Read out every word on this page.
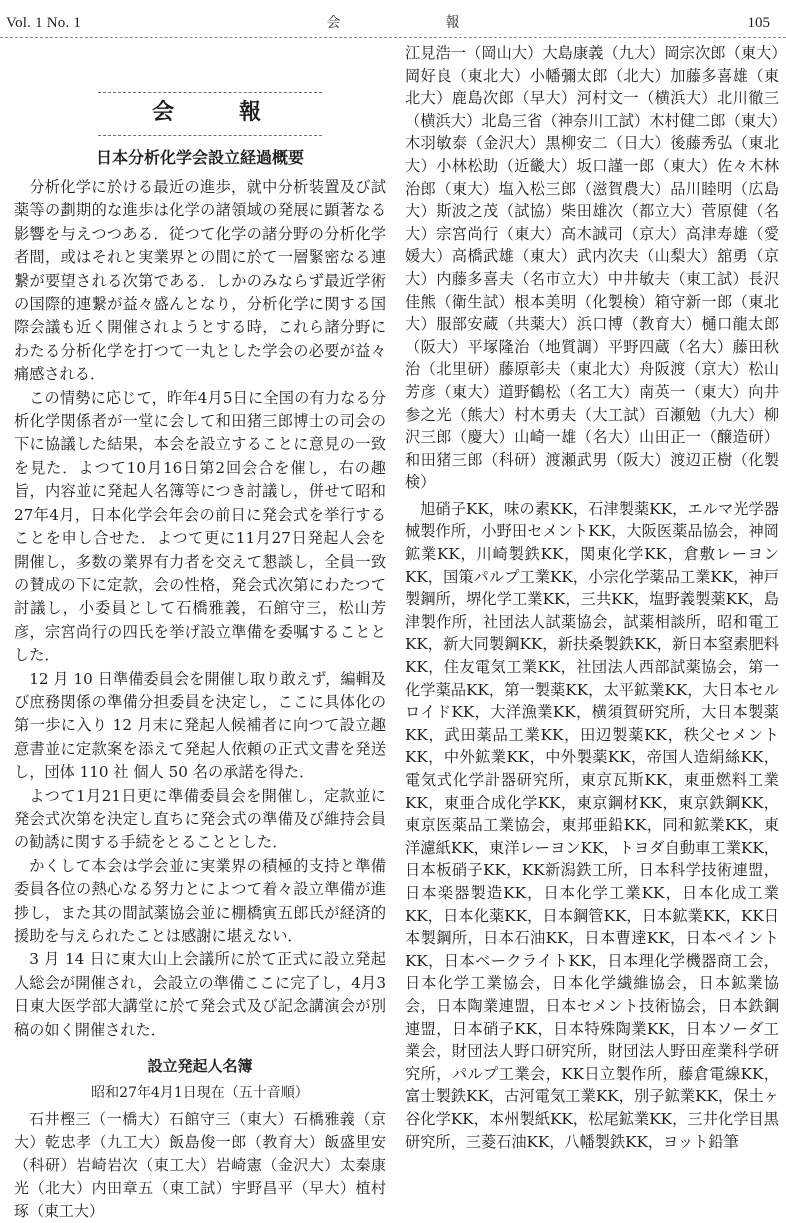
Vol. 1 No. 1	会	報	105
会	報
日本分析化学会設立経過概要

分析化学に於ける最近の進歩，就中分析装置及び試薬等の劃期的な進歩は化学の諸領域の発展に顕著なる影響を与えつつある．従つて化学の諸分野の分析化学者間，或はそれと実業界との間に於て一層緊密なる連繋が要望される次第である．しかのみならず最近学術の国際的連繋が益々盛んとなり，分析化学に関する国際会議も近く開催されようとする時，これら諸分野にわたる分析化学を打つて一丸とした学会の必要が益々痛感される．

この情勢に応じて，昨年4月5日に全国の有力なる分析化学関係者が一堂に会して和田猪三郎博士の司会の下に協議した結果，本会を設立することに意見の一致を見た．よつて10月16日第2回会合を催し，右の趣旨，内容並に発起人名簿等につき討議し，併せて昭和27年4月，日本化学会年会の前日に発会式を挙行することを申し合せた．よつて更に11月27日発起人会を開催し，多数の業界有力者を交えて懇談し，全員一致の賛成の下に定款，会の性格，発会式次第にわたつて討議し，小委員として石橋雅義，石館守三，松山芳彦，宗宮尚行の四氏を挙げ設立準備を委嘱することとした．

12 月 10 日準備委員会を開催し取り敢えず，編輯及び庶務関係の準備分担委員を決定し，ここに具体化の第一歩に入り 12 月末に発起人候補者に向つて設立趣意書並に定款案を添えて発起人依頼の正式文書を発送し，団体 110 社 個人 50 名の承諾を得た．

よつて1月21日更に準備委員会を開催し，定款並に発会式次第を決定し直ちに発会式の準備及び維持会員の勧誘に関する手続をとることとした．

かくして本会は学会並に実業界の積極的支持と準備委員各位の熱心なる努力とによつて着々設立準備が進捗し，また其の間試薬協会並に棚橋寅五郎氏が経済的援助を与えられたことは感謝に堪えない．

3 月 14 日に東大山上会議所に於て正式に設立発起人総会が開催され，会設立の準備ここに完了し，4月3日東大医学部大講堂に於て発会式及び記念講演会が別稿の如く開催された．

設立発起人名簿
昭和27年4月1日現在（五十音順）

石井樫三（一橋大）石館守三（東大）石橋雅義（京大）乾忠孝（九工大）飯島俊一郎（教育大）飯盛里安（科研）岩崎岩次（東工大）岩崎憲（金沢大）太秦康光（北大）内田章五（東工試）宇野昌平（早大）植村琢（東工大）

江見浩一（岡山大）大島康義（九大）岡宗次郎（東大）岡好良（東北大）小幡彌太郎（北大）加藤多喜雄（東北大）鹿島次郎（早大）河村文一（横浜大）北川徹三（横浜大）北島三省（神奈川工試）木村健二郎（東大）木羽敏泰（金沢大）黒柳安二（日大）後藤秀弘（東北大）小林松助（近畿大）坂口謹一郎（東大）佐々木林治郎（東大）塩入松三郎（滋賀農大）品川睦明（広島大）斯波之茂（試協）柴田雄次（都立大）菅原健（名大）宗宮尚行（東大）高木誠司（京大）高津寿雄（愛媛大）高橋武雄（東大）武内次夫（山梨大）舘勇（京大）内藤多喜夫（名市立大）中井敏夫（東工試）長沢佳熊（衛生試）根本美明（化製検）箱守新一郎（東北大）服部安蔵（共薬大）浜口博（教育大）樋口龍太郎（阪大）平塚隆治（地質調）平野四蔵（名大）藤田秋治（北里研）藤原彰夫（東北大）舟阪渡（京大）松山芳彦（東大）道野鶴松（名工大）南英一（東大）向井参之光（熊大）村木勇夫（大工試）百瀬勉（九大）柳沢三郎（慶大）山崎一雄（名大）山田正一（醸造研）和田猪三郎（科研）渡瀬武男（阪大）渡辺正樹（化製検）

旭硝子KK，味の素KK，石津製薬KK，エルマ光学器械製作所，小野田セメントKK，大阪医薬品協会，神岡鉱業KK，川崎製鉄KK，関東化学KK，倉敷レーヨンKK，国策パルプ工業KK，小宗化学薬品工業KK，神戸製鋼所，堺化学工業KK，三共KK，塩野義製薬KK，島津製作所，社団法人試薬協会，試薬相談所，昭和電工KK，新大同製鋼KK，新扶桑製鉄KK，新日本窒素肥料KK，住友電気工業KK，社団法人西部試薬協会，第一化学薬品KK，第一製薬KK，太平鉱業KK，大日本セルロイドKK，大洋漁業KK，横須賀研究所，大日本製薬KK，武田薬品工業KK，田辺製薬KK，秩父セメントKK，中外鉱業KK，中外製薬KK，帝国人造絹絲KK，電気式化学計器研究所，東京瓦斯KK，東亜燃料工業KK，東亜合成化学KK，東京鋼材KK，東京鉄鋼KK，東京医薬品工業協会，東邦亜鉛KK，同和鉱業KK，東洋濾紙KK，東洋レーヨンKK，トヨダ自動車工業KK，日本板硝子KK，KK新潟鉄工所，日本科学技術連盟，日本楽器製造KK，日本化学工業KK，日本化成工業KK，日本化薬KK，日本鋼管KK，日本鉱業KK，KK日本製鋼所，日本石油KK，日本曹達KK，日本ペイントKK，日本ベークライトKK，日本理化学機器商工会，日本化学工業協会，日本化学繊維協会，日本鉱業協会，日本陶業連盟，日本セメント技術協会，日本鉄鋼連盟，日本硝子KK，日本特殊陶業KK，日本ソーダ工業会，財団法人野口研究所，財団法人野田産業科学研究所，パルプ工業会，KK日立製作所，藤倉電線KK，富士製鉄KK，古河電気工業KK，別子鉱業KK，保土ヶ谷化学KK，本州製紙KK，松尾鉱業KK，三井化学目黒研究所，三菱石油KK，八幡製鉄KK，ヨット鉛筆
